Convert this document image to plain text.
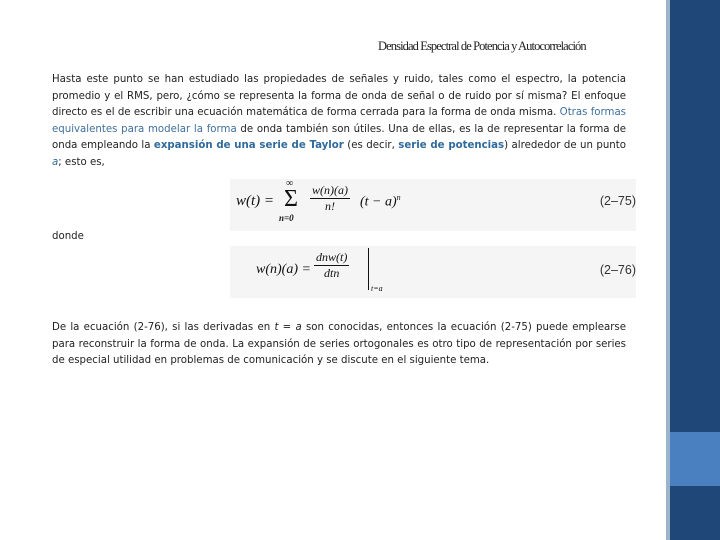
Densidad Espectral de Potencia y Autocorrelación
Hasta este punto se han estudiado las propiedades de señales y ruido, tales como el espectro, la potencia promedio y el RMS, pero, ¿cómo se representa la forma de onda de señal o de ruido por sí misma? El enfoque directo es el de escribir una ecuación matemática de forma cerrada para la forma de onda misma. Otras formas equivalentes para modelar la forma de onda también son útiles. Una de ellas, es la de representar la forma de onda empleando la expansión de una serie de Taylor (es decir, serie de potencias) alrededor de un punto a; esto es,
w(t) =
∞
Σ
n=0
$\frac{w(n)(a)}{n!} (t - a)^n$	(2–75)
donde
$w(n)(a) = \frac{\text{dnw(t)}}{\text{dtn}}$
t=a
(2–76)
De la ecuación (2-76), si las derivadas en t = a son conocidas, entonces la ecuación (2-75) puede emplearse para reconstruir la forma de onda. La expansión de series ortogonales es otro tipo de representación por series de especial utilidad en problemas de comunicación y se discute en el siguiente tema.
